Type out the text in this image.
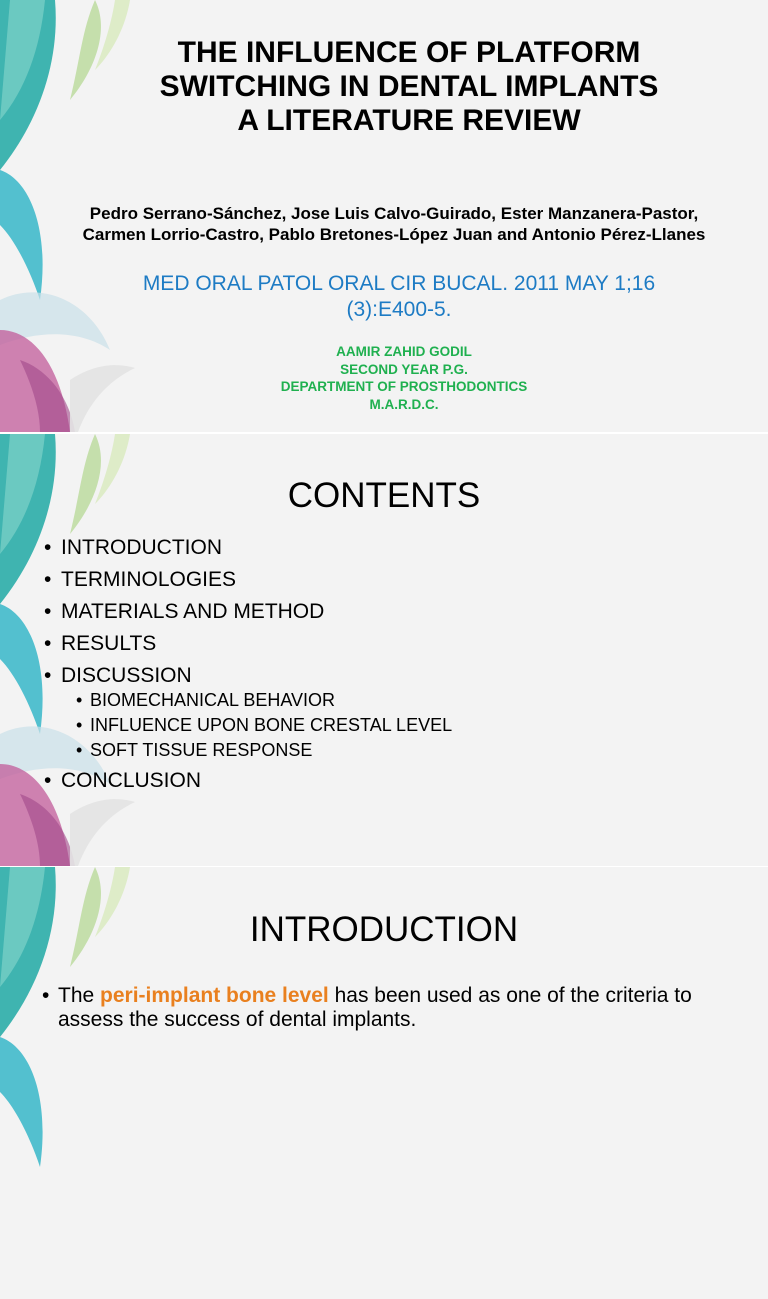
THE INFLUENCE OF PLATFORM
SWITCHING IN DENTAL IMPLANTS
A LITERATURE REVIEW
Pedro Serrano-Sánchez, Jose Luis Calvo-Guirado, Ester Manzanera-Pastor, Carmen Lorrio-Castro, Pablo Bretones-López Juan and Antonio Pérez-Llanes
MED ORAL PATOL ORAL CIR BUCAL. 2011 MAY 1;16
(3):E400-5.
AAMIR ZAHID GODIL
SECOND YEAR P.G.
DEPARTMENT OF PROSTHODONTICS
M.A.R.D.C.
CONTENTS
• INTRODUCTION
• TERMINOLOGIES
• MATERIALS AND METHOD
• RESULTS
• DISCUSSION
• BIOMECHANICAL BEHAVIOR
• INFLUENCE UPON BONE CRESTAL LEVEL
• SOFT TISSUE RESPONSE
• CONCLUSION
INTRODUCTION
• The peri-implant bone level has been used as one of the criteria to assess the success of dental implants.
